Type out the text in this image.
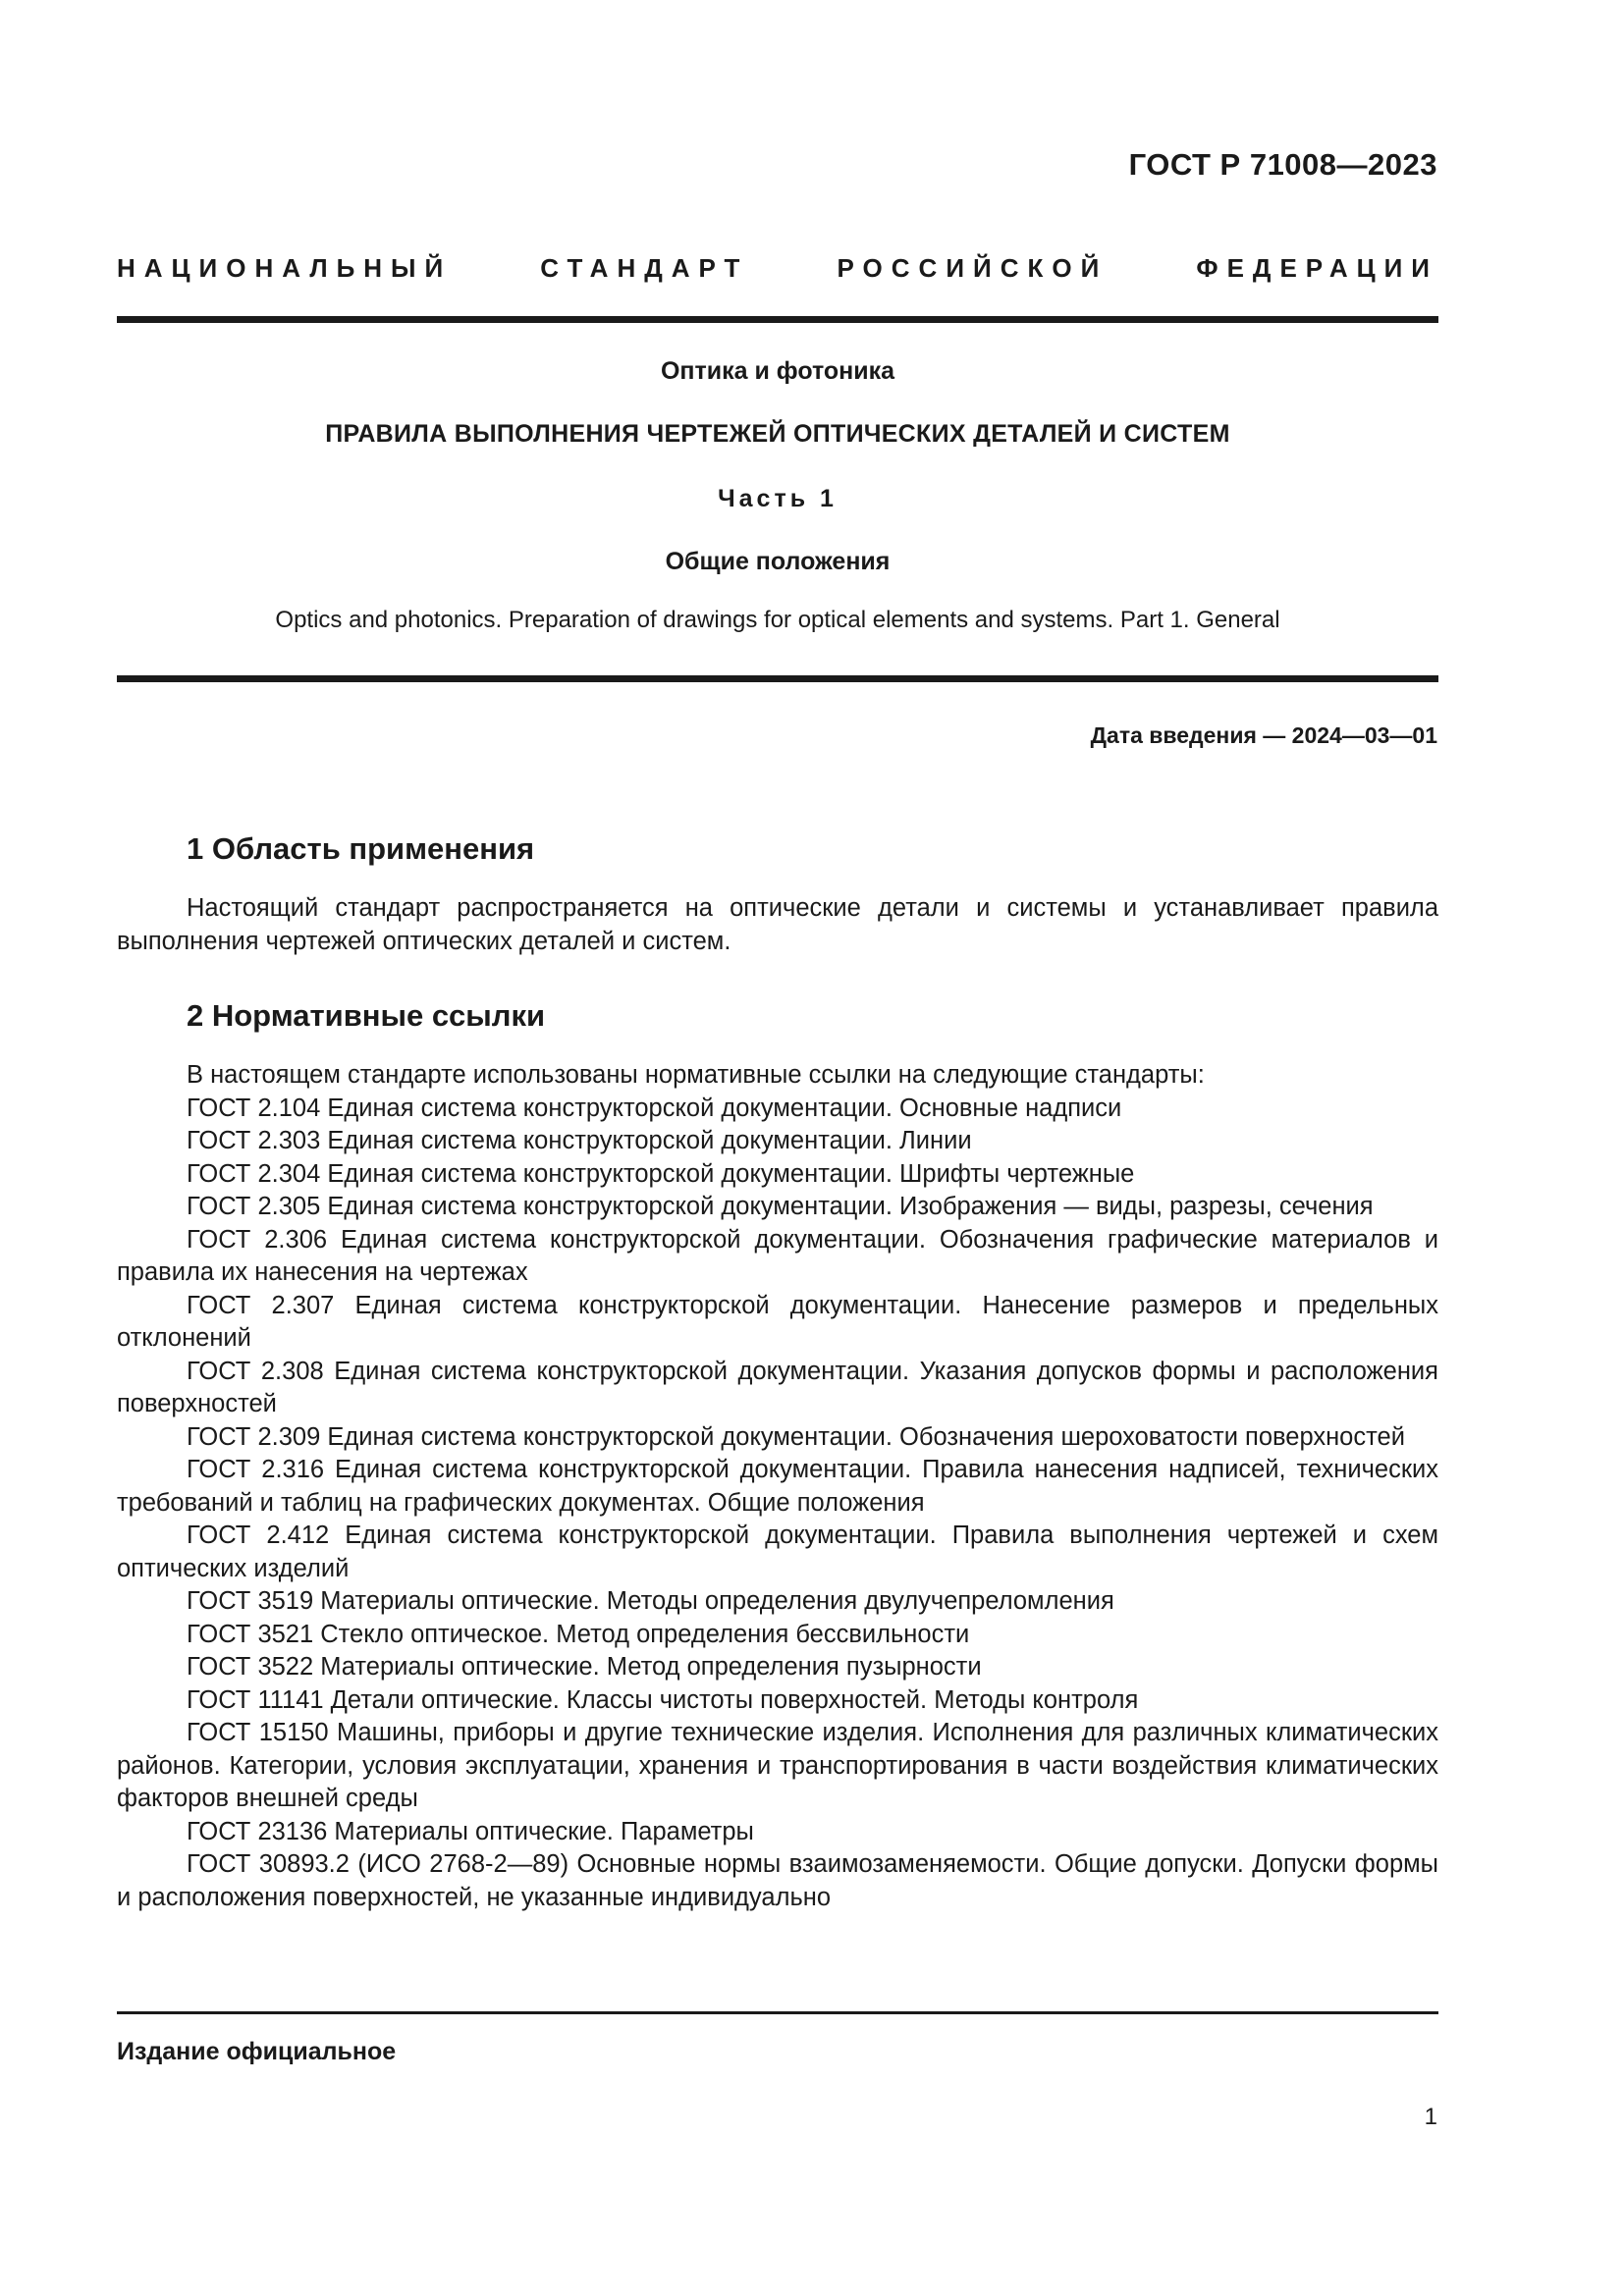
ГОСТ Р 71008—2023
НАЦИОНАЛЬНЫЙ СТАНДАРТ РОССИЙСКОЙ ФЕДЕРАЦИИ
Оптика и фотоника
ПРАВИЛА ВЫПОЛНЕНИЯ ЧЕРТЕЖЕЙ ОПТИЧЕСКИХ ДЕТАЛЕЙ И СИСТЕМ
Часть 1
Общие положения
Optics and photonics. Preparation of drawings for optical elements and systems. Part 1. General
Дата введения — 2024—03—01
1 Область применения

Настоящий стандарт распространяется на оптические детали и системы и устанавливает правила выполнения чертежей оптических деталей и систем.

2 Нормативные ссылки

В настоящем стандарте использованы нормативные ссылки на следующие стандарты:

ГОСТ 2.104 Единая система конструкторской документации. Основные надписи

ГОСТ 2.303 Единая система конструкторской документации. Линии

ГОСТ 2.304 Единая система конструкторской документации. Шрифты чертежные

ГОСТ 2.305 Единая система конструкторской документации. Изображения — виды, разрезы, сечения

ГОСТ 2.306 Единая система конструкторской документации. Обозначения графические материалов и правила их нанесения на чертежах

ГОСТ 2.307 Единая система конструкторской документации. Нанесение размеров и предельных отклонений

ГОСТ 2.308 Единая система конструкторской документации. Указания допусков формы и расположения поверхностей

ГОСТ 2.309 Единая система конструкторской документации. Обозначения шероховатости поверхностей

ГОСТ 2.316 Единая система конструкторской документации. Правила нанесения надписей, технических требований и таблиц на графических документах. Общие положения

ГОСТ 2.412 Единая система конструкторской документации. Правила выполнения чертежей и схем оптических изделий

ГОСТ 3519 Материалы оптические. Методы определения двулучепреломления

ГОСТ 3521 Стекло оптическое. Метод определения бессвильности

ГОСТ 3522 Материалы оптические. Метод определения пузырности

ГОСТ 11141 Детали оптические. Классы чистоты поверхностей. Методы контроля

ГОСТ 15150 Машины, приборы и другие технические изделия. Исполнения для различных климатических районов. Категории, условия эксплуатации, хранения и транспортирования в части воздействия климатических факторов внешней среды

ГОСТ 23136 Материалы оптические. Параметры

ГОСТ 30893.2 (ИСО 2768-2—89) Основные нормы взаимозаменяемости. Общие допуски. Допуски формы и расположения поверхностей, не указанные индивидуально

Издание официальное
1
